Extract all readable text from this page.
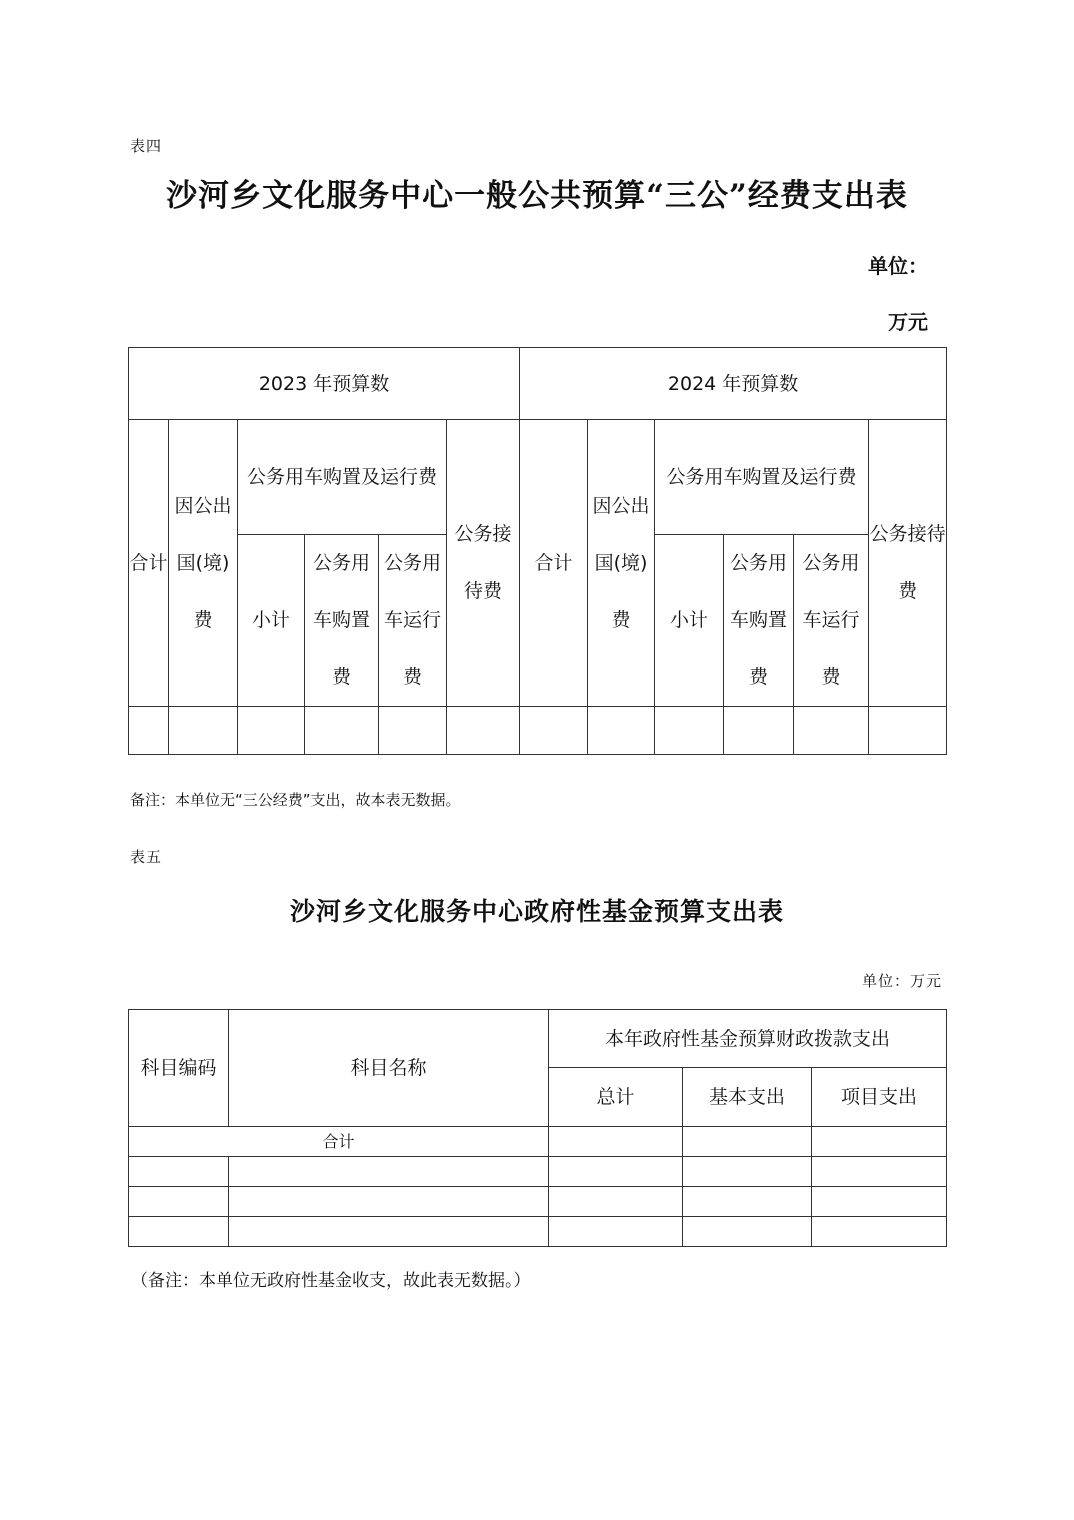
表四
沙河乡文化服务中心一般公共预算“三公”经费支出表
单位：
万元
2023 年预算数						2024 年预算数					
合计	因公出国(境)费	公务用车购置及运行费			公务接待费	合计	因公出国(境)费	公务用车购置及运行费			公务接待费
		小计	公务用车购置费	公务用车运行费				小计	公务用车购置费	公务用车运行费	

备注：本单位无“三公经费”支出，故本表无数据。
表五
沙河乡文化服务中心政府性基金预算支出表
单位：万元
科目编码	科目名称	本年政府性基金预算财政拨款支出		
		总计	基本支出	项目支出
合计				

（备注：本单位无政府性基金收支，故此表无数据。）
